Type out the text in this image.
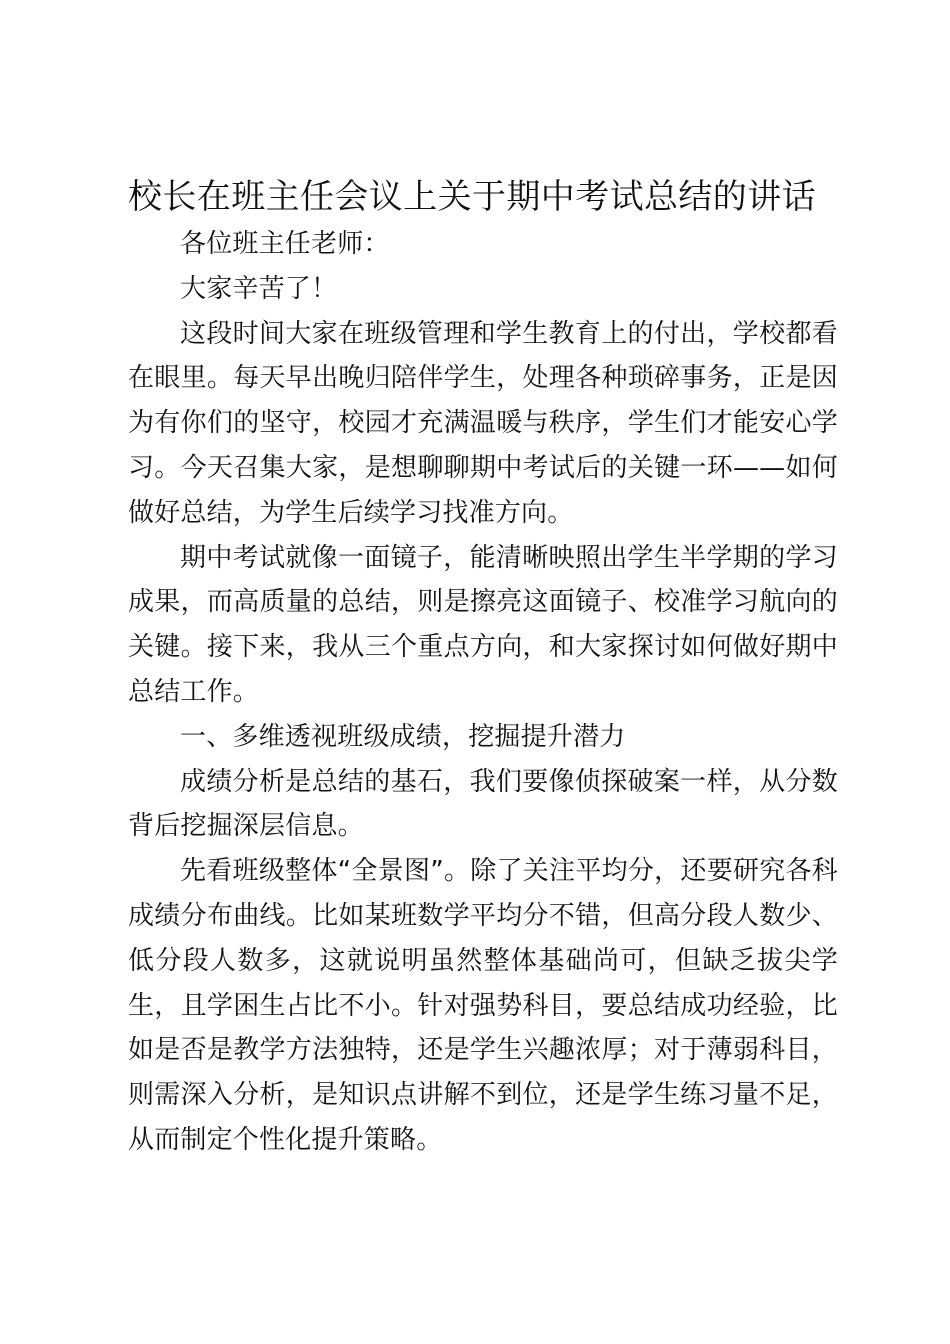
校长在班主任会议上关于期中考试总结的讲话

各位班主任老师：

大家辛苦了！

这段时间大家在班级管理和学生教育上的付出，学校都看在眼里。每天早出晚归陪伴学生，处理各种琐碎事务，正是因为有你们的坚守，校园才充满温暖与秩序，学生们才能安心学习。今天召集大家，是想聊聊期中考试后的关键一环——如何做好总结，为学生后续学习找准方向。

期中考试就像一面镜子，能清晰映照出学生半学期的学习成果，而高质量的总结，则是擦亮这面镜子、校准学习航向的关键。接下来，我从三个重点方向，和大家探讨如何做好期中总结工作。

一、多维透视班级成绩，挖掘提升潜力

成绩分析是总结的基石，我们要像侦探破案一样，从分数背后挖掘深层信息。

先看班级整体“全景图”。除了关注平均分，还要研究各科成绩分布曲线。比如某班数学平均分不错，但高分段人数少、低分段人数多，这就说明虽然整体基础尚可，但缺乏拔尖学生，且学困生占比不小。针对强势科目，要总结成功经验，比如是否是教学方法独特，还是学生兴趣浓厚；对于薄弱科目，则需深入分析，是知识点讲解不到位，还是学生练习量不足，从而制定个性化提升策略。
